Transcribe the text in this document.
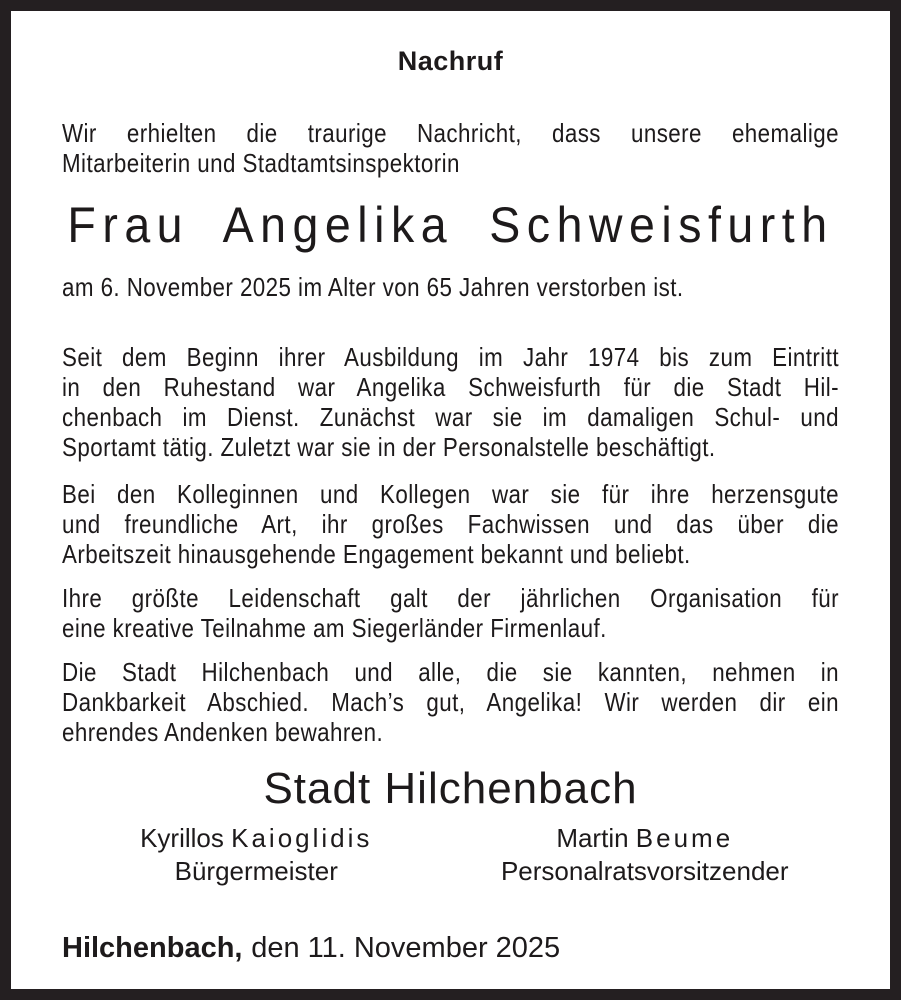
Nachruf
Wir erhielten die traurige Nachricht, dass unsere ehemalige
Mitarbeiterin und Stadtamtsinspektorin
Frau Angelika Schweisfurth
am 6. November 2025 im Alter von 65 Jahren verstorben ist.
Seit dem Beginn ihrer Ausbildung im Jahr 1974 bis zum Eintritt
in den Ruhestand war Angelika Schweisfurth für die Stadt Hil-
chenbach im Dienst. Zunächst war sie im damaligen Schul- und
Sportamt tätig. Zuletzt war sie in der Personalstelle beschäftigt.
Bei den Kolleginnen und Kollegen war sie für ihre herzensgute
und freundliche Art, ihr großes Fachwissen und das über die
Arbeitszeit hinausgehende Engagement bekannt und beliebt.
Ihre größte Leidenschaft galt der jährlichen Organisation für
eine kreative Teilnahme am Siegerländer Firmenlauf.
Die Stadt Hilchenbach und alle, die sie kannten, nehmen in
Dankbarkeit Abschied. Mach’s gut, Angelika! Wir werden dir ein
ehrendes Andenken bewahren.
Stadt Hilchenbach
Kyrillos Kaioglidis
Bürgermeister
Martin Beume
Personalratsvorsitzender
Hilchenbach, den 11. November 2025
